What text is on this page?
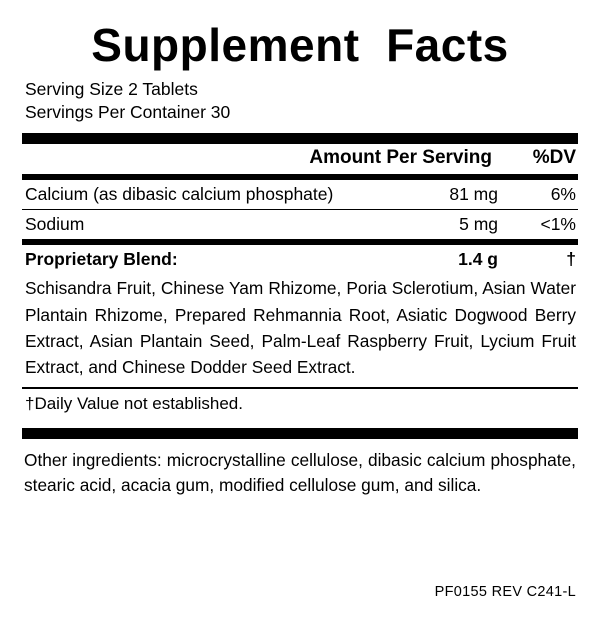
Supplement  Facts
Serving Size 2 Tablets
Servings Per Container 30
Amount Per Serving	%DV
Calcium (as dibasic calcium phosphate)	81 mg	6%
Sodium	5 mg	<1%
Proprietary Blend:	1.4 g	†
Schisandra Fruit, Chinese Yam Rhizome, Poria Sclerotium, Asian Water Plantain Rhizome, Prepared Rehmannia Root, Asiatic Dogwood Berry Extract, Asian Plantain Seed, Palm-Leaf Raspberry Fruit, Lycium Fruit Extract, and Chinese Dodder Seed Extract.
†Daily Value not established.
Other ingredients: microcrystalline cellulose, dibasic calcium phosphate, stearic acid, acacia gum, modified cellulose gum, and silica.
PF0155 REV C241-L
